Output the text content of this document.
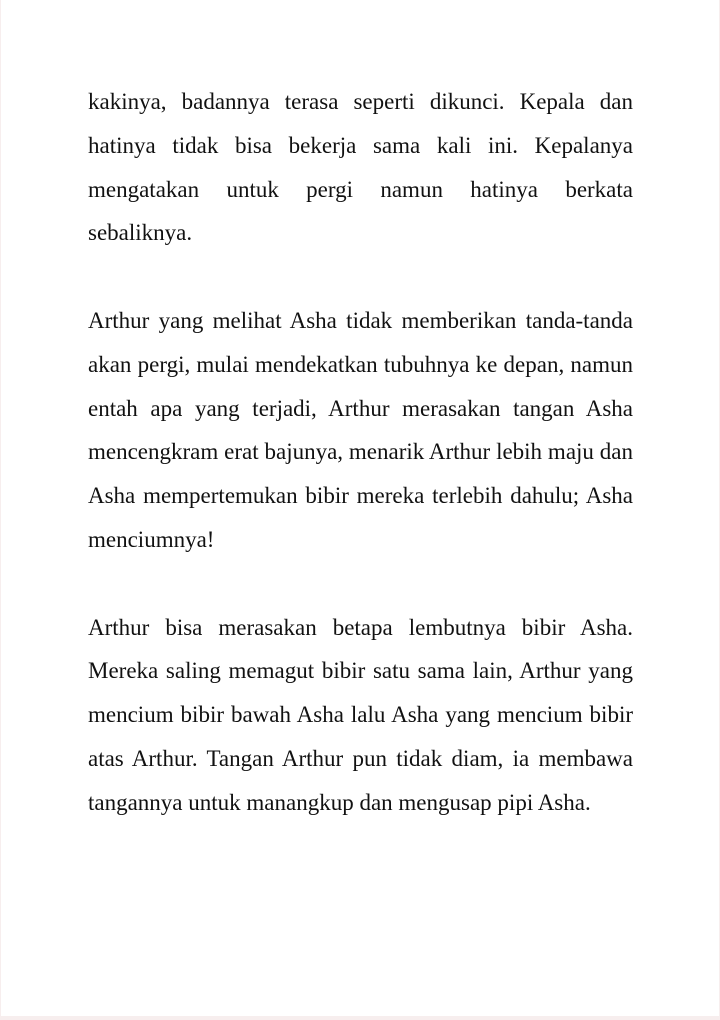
kakinya, badannya terasa seperti dikunci. Kepala dan hatinya tidak bisa bekerja sama kali ini. Kepalanya mengatakan untuk pergi namun hatinya berkata sebaliknya.

Arthur yang melihat Asha tidak memberikan tanda-tanda akan pergi, mulai mendekatkan tubuhnya ke depan, namun entah apa yang terjadi, Arthur merasakan tangan Asha mencengkram erat bajunya, menarik Arthur lebih maju dan Asha mempertemukan bibir mereka terlebih dahulu; Asha menciumnya!

Arthur bisa merasakan betapa lembutnya bibir Asha. Mereka saling memagut bibir satu sama lain, Arthur yang mencium bibir bawah Asha lalu Asha yang mencium bibir atas Arthur. Tangan Arthur pun tidak diam, ia membawa tangannya untuk manangkup dan mengusap pipi Asha.
